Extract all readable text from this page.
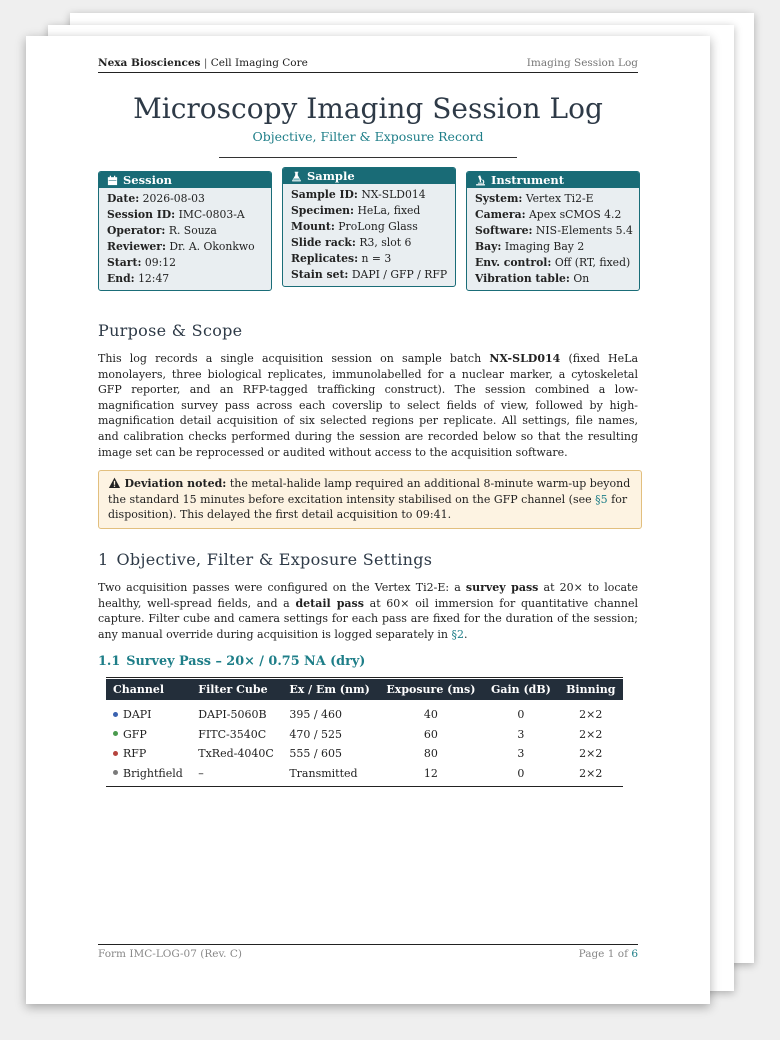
Nexa Biosciences | Cell Imaging Core	Imaging Session Log
Microscopy Imaging Session Log
Objective, Filter & Exposure Record
Session
Date: 2026-08-03
Session ID: IMC-0803-A
Operator: R. Souza
Reviewer: Dr. A. Okonkwo
Start: 09:12
End: 12:47
Sample
Sample ID: NX-SLD014
Specimen: HeLa, fixed
Mount: ProLong Glass
Slide rack: R3, slot 6
Replicates: n = 3
Stain set: DAPI / GFP / RFP
Instrument
System: Vertex Ti2-E
Camera: Apex sCMOS 4.2
Software: NIS-Elements 5.4
Bay: Imaging Bay 2
Env. control: Off (RT, fixed)
Vibration table: On
Purpose & Scope
This log records a single acquisition session on sample batch NX-SLD014 (fixed HeLa monolayers, three biological replicates, immunolabelled for a nuclear marker, a cytoskeletal GFP reporter, and an RFP-tagged trafficking construct). The session combined a low-magnification survey pass across each coverslip to select fields of view, followed by high-magnification detail acquisition of six selected regions per replicate. All settings, file names, and calibration checks performed during the session are recorded below so that the resulting image set can be reprocessed or audited without access to the acquisition software.
Deviation noted: the metal-halide lamp required an additional 8-minute warm-up beyond the standard 15 minutes before excitation intensity stabilised on the GFP channel (see §5 for disposition). This delayed the first detail acquisition to 09:41.
1 Objective, Filter & Exposure Settings
Two acquisition passes were configured on the Vertex Ti2-E: a survey pass at 20× to locate healthy, well-spread fields, and a detail pass at 60× oil immersion for quantitative channel capture. Filter cube and camera settings for each pass are fixed for the duration of the session; any manual override during acquisition is logged separately in §2.
1.1 Survey Pass – 20× / 0.75 NA (dry)
Channel	Filter Cube	Ex / Em (nm)	Exposure (ms)	Gain (dB)	Binning
DAPI	DAPI-5060B	395 / 460	40	0	2×2
GFP	FITC-3540C	470 / 525	60	3	2×2
RFP	TxRed-4040C	555 / 605	80	3	2×2
Brightfield	–	Transmitted	12	0	2×2
Form IMC-LOG-07 (Rev. C)	Page 1 of 6
